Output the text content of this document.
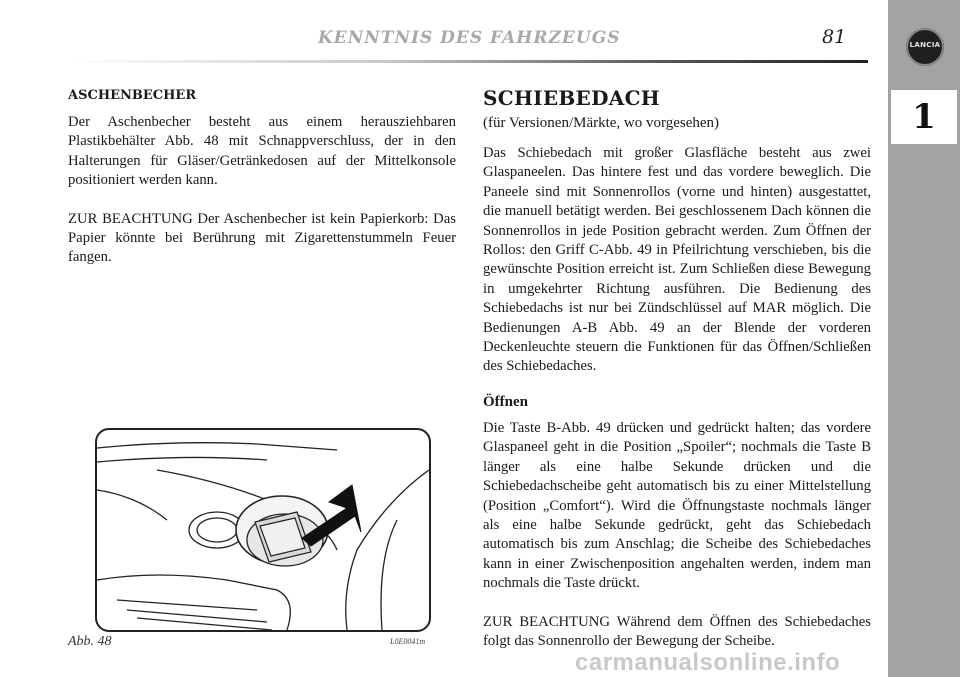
KENNTNIS DES FAHRZEUGS	81	LANCIA
1
ASCHENBECHER

Der Aschenbecher besteht aus einem herausziehbaren Plastikbehälter Abb. 48 mit Schnappverschluss, der in den Halterungen für Gläser/Getränkedosen auf der Mittelkonsole positioniert werden kann.

ZUR BEACHTUNG Der Aschenbecher ist kein Papierkorb: Das Papier könnte bei Berührung mit Zigarettenstummeln Feuer fangen.

SCHIEBEDACH
(für Versionen/Märkte, wo vorgesehen)

Das Schiebedach mit großer Glasfläche besteht aus zwei Glaspaneelen. Das hintere fest und das vordere beweglich. Die Paneele sind mit Sonnenrollos (vorne und hinten) ausgestattet, die manuell betätigt werden. Bei geschlossenem Dach können die Sonnenrollos in jede Position gebracht werden. Zum Öffnen der Rollos: den Griff C-Abb. 49 in Pfeilrichtung verschieben, bis die gewünschte Position erreicht ist. Zum Schließen diese Bewegung in umgekehrter Richtung ausführen. Die Bedienung des Schiebedachs ist nur bei Zündschlüssel auf MAR möglich. Die Bedienungen A-B Abb. 49 an der Blende der vorderen Deckenleuchte steuern die Funktionen für das Öffnen/Schließen des Schiebedaches.

Öffnen

Die Taste B-Abb. 49 drücken und gedrückt halten; das vordere Glaspaneel geht in die Position „Spoiler“; nochmals die Taste B länger als eine halbe Sekunde drücken und die Schiebedachscheibe geht automatisch bis zu einer Mittelstellung (Position „Comfort“). Wird die Öffnungstaste nochmals länger als eine halbe Sekunde gedrückt, geht das Schiebedach automatisch bis zum Anschlag; die Scheibe des Schiebedaches kann in einer Zwischenposition angehalten werden, indem man nochmals die Taste drückt.

ZUR BEACHTUNG Während dem Öffnen des Schiebedaches folgt das Sonnenrollo der Bewegung der Scheibe.

Abb. 48	L0E0041m
carmanualsonline.info
